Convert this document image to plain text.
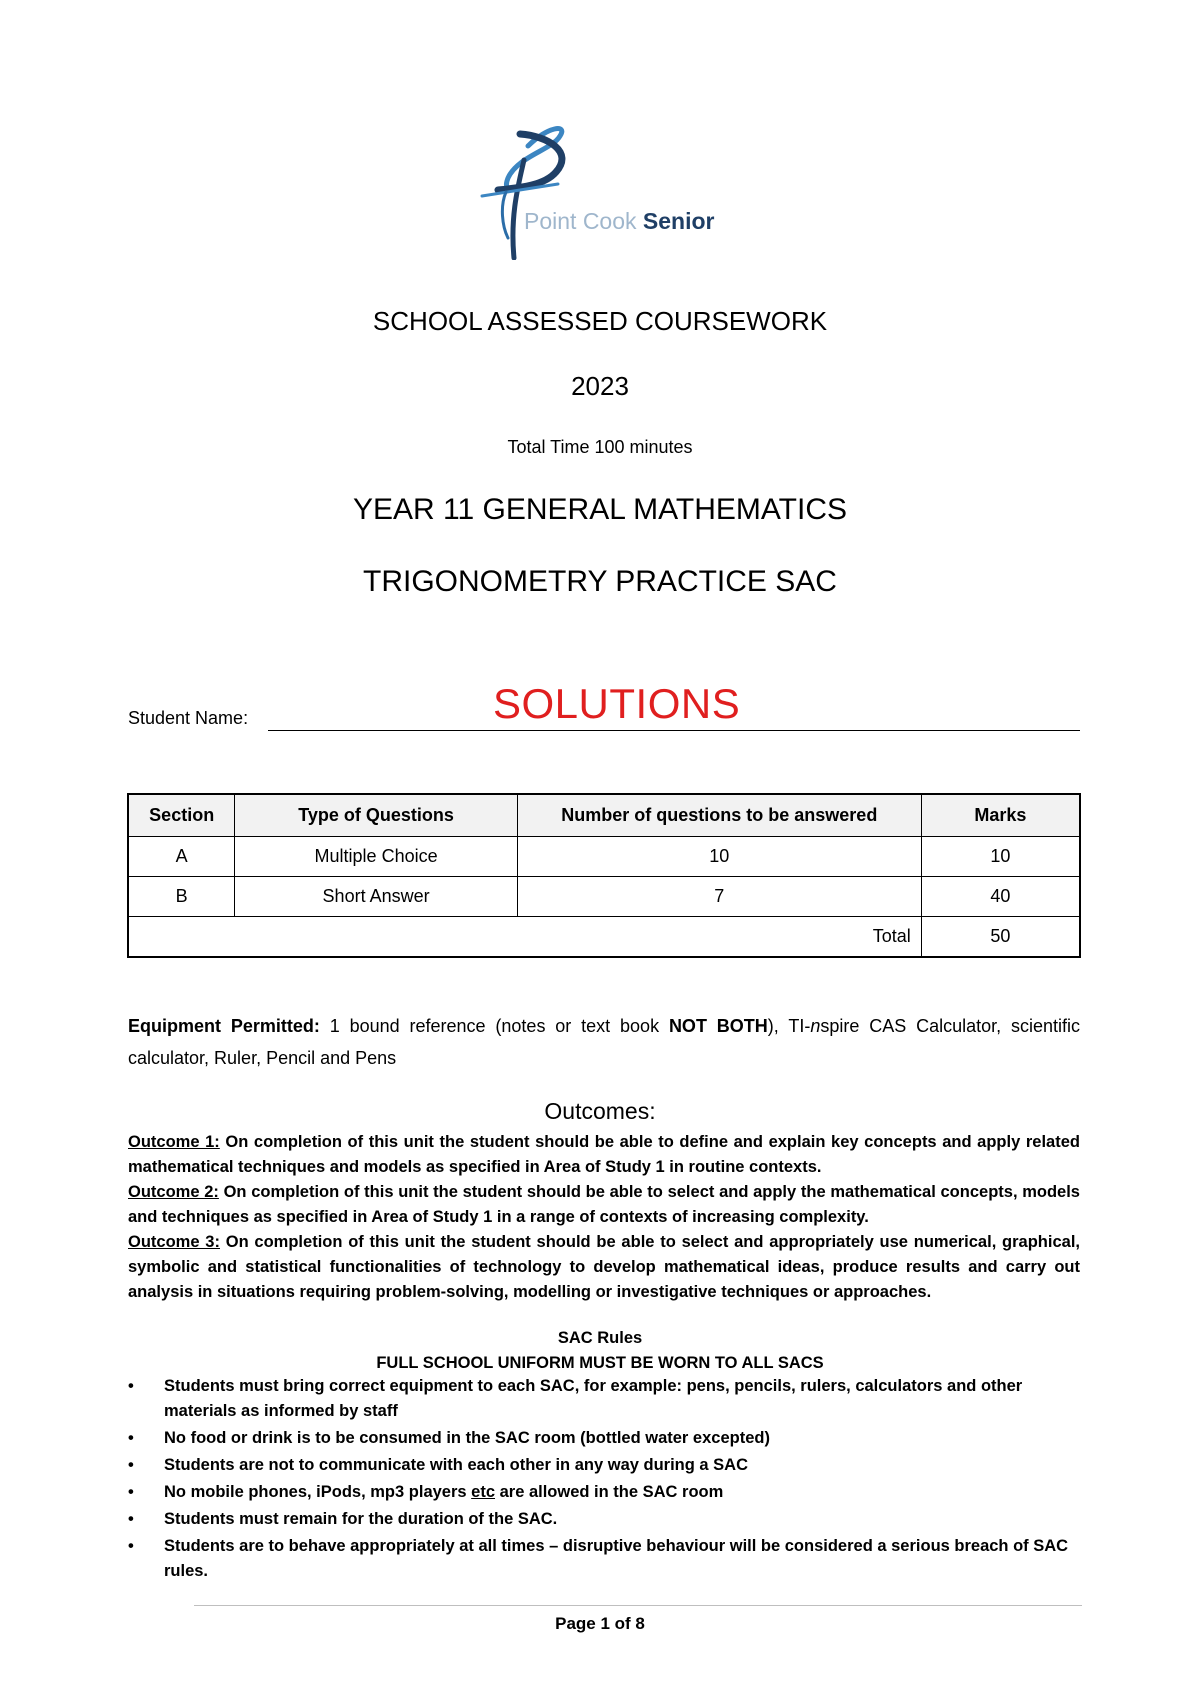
Point Cook Senior
SCHOOL ASSESSED COURSEWORK
2023
Total Time 100 minutes
YEAR 11 GENERAL MATHEMATICS
TRIGONOMETRY PRACTICE SAC
Student Name:	SOLUTIONS
Section	Type of Questions	Number of questions to be answered	Marks
A	Multiple Choice	10	10
B	Short Answer	7	40
Total			50
Equipment Permitted: 1 bound reference (notes or text book NOT BOTH), TI-nspire CAS Calculator, scientific calculator, Ruler, Pencil and Pens
Outcomes:
Outcome 1: On completion of this unit the student should be able to define and explain key concepts and apply related mathematical techniques and models as specified in Area of Study 1 in routine contexts.
Outcome 2: On completion of this unit the student should be able to select and apply the mathematical concepts, models and techniques as specified in Area of Study 1 in a range of contexts of increasing complexity.
Outcome 3: On completion of this unit the student should be able to select and appropriately use numerical, graphical, symbolic and statistical functionalities of technology to develop mathematical ideas, produce results and carry out analysis in situations requiring problem-solving, modelling or investigative techniques or approaches.
SAC Rules
FULL SCHOOL UNIFORM MUST BE WORN TO ALL SACS
• Students must bring correct equipment to each SAC, for example: pens, pencils, rulers, calculators and other materials as informed by staff
• No food or drink is to be consumed in the SAC room (bottled water excepted)
• Students are not to communicate with each other in any way during a SAC
• No mobile phones, iPods, mp3 players etc are allowed in the SAC room
• Students must remain for the duration of the SAC.
• Students are to behave appropriately at all times – disruptive behaviour will be considered a serious breach of SAC rules.
Page 1 of 8
